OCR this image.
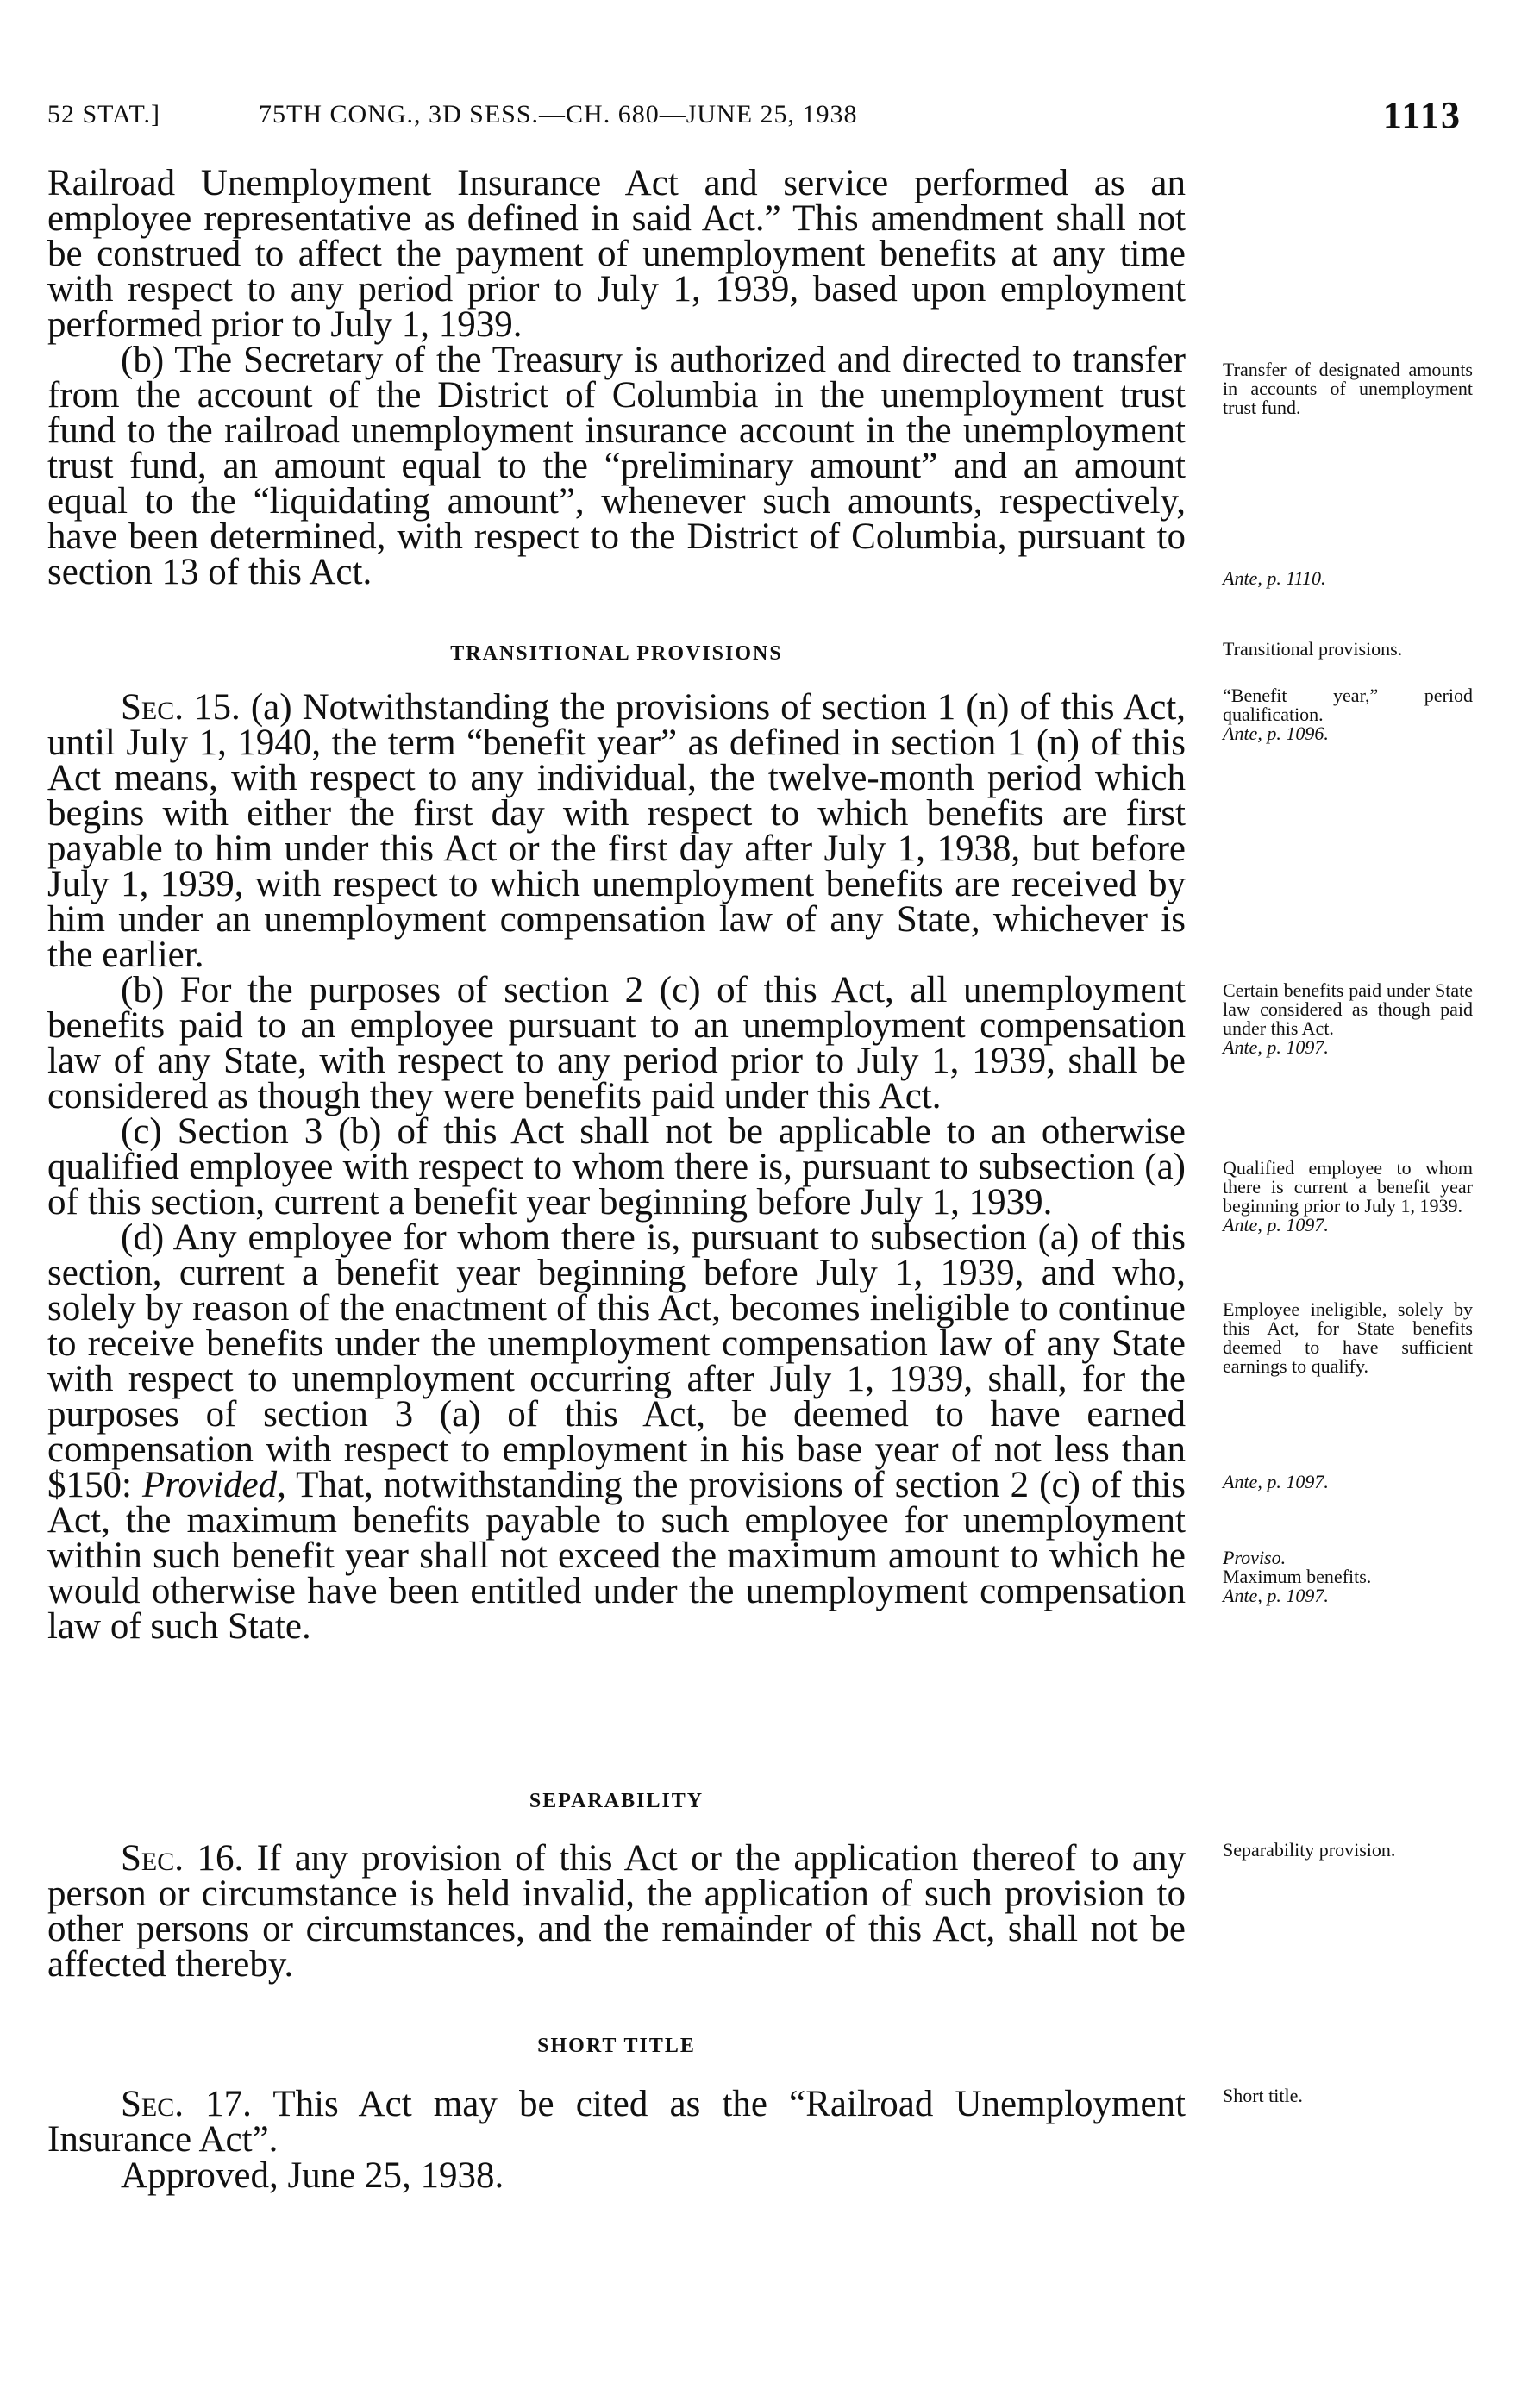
52 STAT.]	75TH CONG., 3D SESS.—CH. 680—JUNE 25, 1938	1113

Railroad Unemployment Insurance Act and service performed as an employee representative as defined in said Act.” This amendment shall not be construed to affect the payment of unemployment benefits at any time with respect to any period prior to July 1, 1939, based upon employment performed prior to July 1, 1939.

(b) The Secretary of the Treasury is authorized and directed to transfer from the account of the District of Columbia in the unemployment trust fund to the railroad unemployment insurance account in the unemployment trust fund, an amount equal to the “preliminary amount” and an amount equal to the “liquidating amount”, whenever such amounts, respectively, have been determined, with respect to the District of Columbia, pursuant to section 13 of this Act.

TRANSITIONAL PROVISIONS

Sec. 15. (a) Notwithstanding the provisions of section 1 (n) of this Act, until July 1, 1940, the term “benefit year” as defined in section 1 (n) of this Act means, with respect to any individual, the twelve-month period which begins with either the first day with respect to which benefits are first payable to him under this Act or the first day after July 1, 1938, but before July 1, 1939, with respect to which unemployment benefits are received by him under an unemployment compensation law of any State, whichever is the earlier.

(b) For the purposes of section 2 (c) of this Act, all unemployment benefits paid to an employee pursuant to an unemployment compensation law of any State, with respect to any period prior to July 1, 1939, shall be considered as though they were benefits paid under this Act.

(c) Section 3 (b) of this Act shall not be applicable to an otherwise qualified employee with respect to whom there is, pursuant to subsection (a) of this section, current a benefit year beginning before July 1, 1939.

(d) Any employee for whom there is, pursuant to subsection (a) of this section, current a benefit year beginning before July 1, 1939, and who, solely by reason of the enactment of this Act, becomes ineligible to continue to receive benefits under the unemployment compensation law of any State with respect to unemployment occurring after July 1, 1939, shall, for the purposes of section 3 (a) of this Act, be deemed to have earned compensation with respect to employment in his base year of not less than $150: Provided, That, notwithstanding the provisions of section 2 (c) of this Act, the maximum benefits payable to such employee for unemployment within such benefit year shall not exceed the maximum amount to which he would otherwise have been entitled under the unemployment compensation law of such State.

SEPARABILITY

Sec. 16. If any provision of this Act or the application thereof to any person or circumstance is held invalid, the application of such provision to other persons or circumstances, and the remainder of this Act, shall not be affected thereby.

SHORT TITLE

Sec. 17. This Act may be cited as the “Railroad Unemployment Insurance Act”.

Approved, June 25, 1938.

Transfer of designated amounts in accounts of unemployment trust fund.
Ante, p. 1110.
Transitional provisions.
“Benefit year,” period qualification.
Ante, p. 1096.
Certain benefits paid under State law considered as though paid under this Act.
Ante, p. 1097.
Qualified employee to whom there is current a benefit year beginning prior to July 1, 1939.
Ante, p. 1097.
Employee ineligible, solely by this Act, for State benefits deemed to have sufficient earnings to qualify.
Ante, p. 1097.
Proviso.
Maximum benefits.
Ante, p. 1097.
Separability provision.
Short title.
